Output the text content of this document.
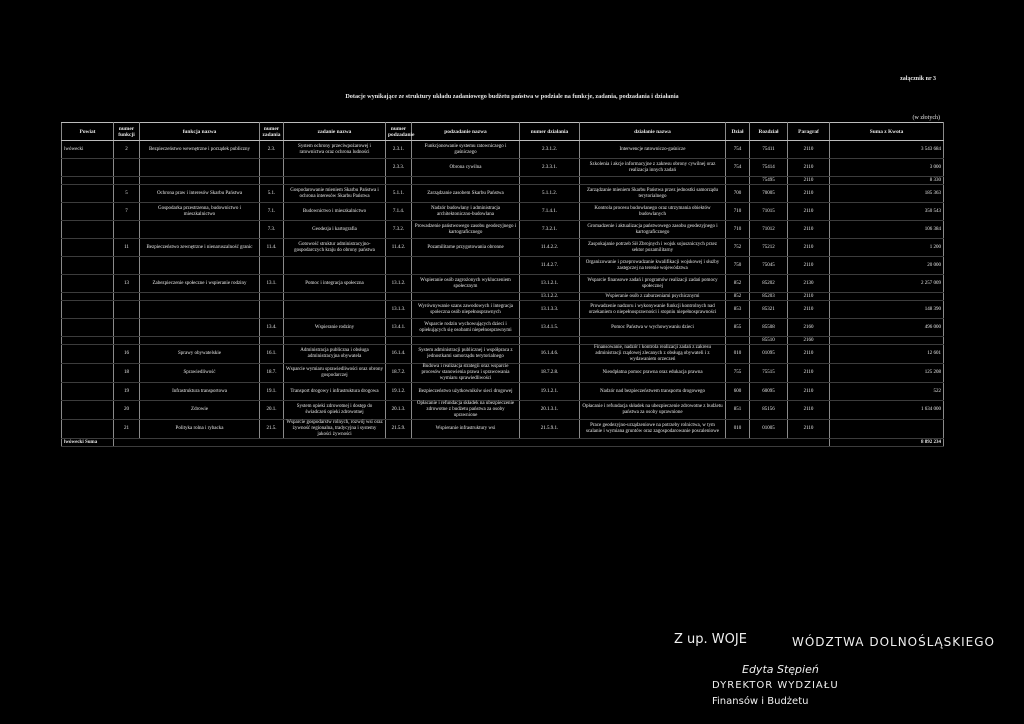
załącznik nr 3
Dotacje wynikające ze struktury układu zadaniowego budżetu państwa w podziale na funkcje, zadania, podzadania i działania
(w złotych)
Powiat	numer funkcji	funkcja nazwa	numer zadania	zadanie nazwa	numer podzadanie	podzadanie nazwa	numer działania	działanie nazwa	Dział	Rozdział	Paragraf	Suma z Kwota
lwówecki	2	Bezpieczeństwo wewnętrzne i porządek publiczny	2.3.	System ochrony przeciwpożarowej i ratownictwa oraz ochrona ludności	2.3.1.	Funkcjonowanie systemu ratowniczego i gaśniczego	2.3.1.2.	Interwencje ratowniczo-gaśnicze	754	75411	2110	3 543 684
					2.3.3.	Obrona cywilna	2.3.3.1.	Szkolenia i akcje informacyjne z zakresu obrony cywilnej oraz realizacja innych zadań	754	75414	2110	3 000
										75495	2110	8 330
	5	Ochrona praw i interesów Skarbu Państwa	5.1.	Gospodarowanie mieniem Skarbu Państwa i ochrona interesów Skarbu Państwa	5.1.1.	Zarządzanie zasobem Skarbu Państwa	5.1.1.2.	Zarządzanie mieniem Skarbu Państwa przez jednostki samorządu terytorialnego	700	70005	2110	185 363
	7	Gospodarka przestrzenna, budownictwo i mieszkalnictwo	7.1.	Budownictwo i mieszkalnictwo	7.1.4.	Nadzór budowlany i administracja architektoniczno-budowlana	7.1.4.1.	Kontrola procesu budowlanego oraz utrzymania obiektów budowlanych	710	71015	2110	350 543
			7.3.	Geodezja i kartografia	7.3.2.	Prowadzenie państwowego zasobu geodezyjnego i kartograficznego	7.3.2.1.	Gromadzenie i aktualizacja państwowego zasobu geodezyjnego i kartograficznego	710	71012	2110	106 384
	11	Bezpieczeństwo zewnętrzne i nienaruszalność granic	11.4.	Gotowość struktur administracyjno-gospodarczych kraju do obrony państwa	11.4.2.	Pozamilitarne przygotowania obronne	11.4.2.2.	Zaspokajanie potrzeb Sił Zbrojnych i wojsk sojuszniczych przez sektor pozamilitarny	752	75212	2110	1 200
							11.4.2.7.	Organizowanie i przeprowadzanie kwalifikacji wojskowej i służby zastępczej na terenie województwa	750	75045	2110	20 000
	13	Zabezpieczenie społeczne i wspieranie rodziny	13.1.	Pomoc i integracja społeczna	13.1.2.	Wspieranie osób zagrożonych wykluczeniem społecznym	13.1.2.1.	Wsparcie finansowe zadań i programów realizacji zadań pomocy społecznej	852	85202	2130	2 257 009
							13.1.2.2.	Wspieranie osób z zaburzeniami psychicznymi	852	85203	2110	
					13.1.3.	Wyrównywanie szans zawodowych i integracja społeczna osób niepełnosprawnych	13.1.3.3.	Prowadzenie nadzoru i wykonywanie funkcji kontrolnych nad orzekaniem o niepełnosprawności i stopniu niepełnosprawności	853	85321	2110	148 390
			13.4.	Wspieranie rodziny	13.4.1.	Wsparcie rodzin wychowujących dzieci i opiekujących się osobami niepełnosprawnymi	13.4.1.5.	Pomoc Państwa w wychowywaniu dzieci	855	85508	2160	496 000
										85510	2160	
	16	Sprawy obywatelskie	16.1.	Administracja publiczna i obsługa administracyjna obywatela	16.1.4.	System administracji publicznej i współpraca z jednostkami samorządu terytorialnego	16.1.4.6.	Finansowanie, nadzór i kontrola realizacji zadań z zakresu administracji rządowej zlecanych z obsługą obywateli i z wydawaniem orzeczeń	010	01095	2110	12 601
	18	Sprawiedliwość	18.7.	Wsparcie wymiaru sprawiedliwości oraz obrony gospodarczej	18.7.2.	Budowa i realizacja strategii oraz wsparcie procesów stanowienia prawa i sprawowania wymiaru sprawiedliwości	18.7.2.8.	Nieodpłatna pomoc prawna oraz edukacja prawna	755	75515	2110	125 208
	19	Infrastruktura transportowa	19.1.	Transport drogowy i infrastruktura drogowa	19.1.2.	Bezpieczeństwo użytkowników sieci drogowej	19.1.2.1.	Nadzór nad bezpieczeństwem transportu drogowego	600	60095	2110	522
	20	Zdrowie	20.1.	System opieki zdrowotnej i dostęp do świadczeń opieki zdrowotnej	20.1.3.	Opłacanie i refundacja składek na ubezpieczenie zdrowotne z budżetu państwa za osoby uprawnione	20.1.3.1.	Opłacanie i refundacja składek na ubezpieczenie zdrowotne z budżetu państwa za osoby uprawnione	851	85156	2110	1 634 000
	21	Polityka rolna i rybacka	21.5.	Wsparcie gospodarstw rolnych, rozwój wsi oraz żywność regionalna, tradycyjna i systemy jakości żywności	21.5.9.	Wspieranie infrastruktury wsi	21.5.9.1.	Prace geodezyjno-urządzeniowe na potrzeby rolnictwa, w tym scalanie i wymiana gruntów oraz zagospodarowanie poscaleniowe	010	01005	2110	
lwówecki Suma												8 892 234
Z up. WOJE	WÓDZTWA DOLNOŚLĄSKIEGO
Edyta Stępień
DYREKTOR WYDZIAŁU
Finansów i Budżetu
